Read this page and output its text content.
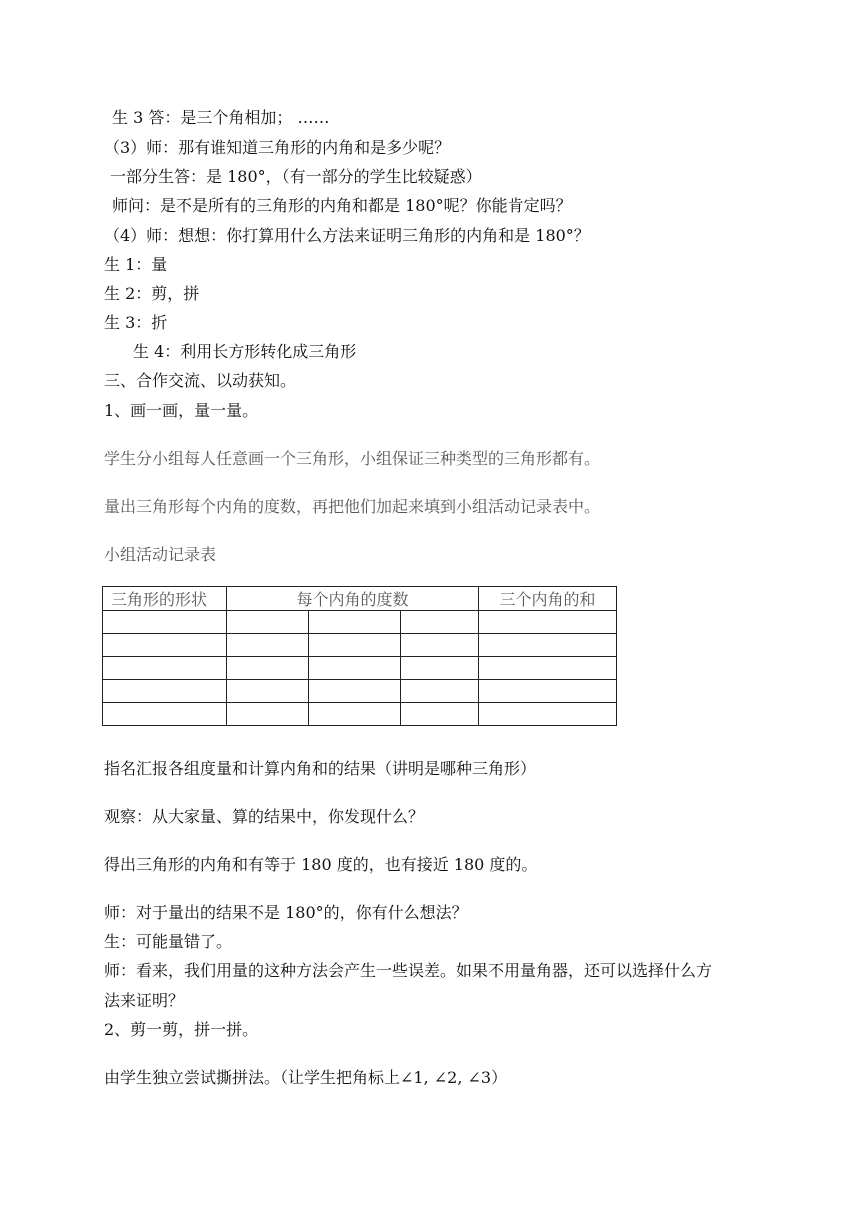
生 3 答：是三个角相加； ……
（3）师：那有谁知道三角形的内角和是多少呢？
一部分生答：是 180°，（有一部分的学生比较疑惑）
师问：是不是所有的三角形的内角和都是 180°呢？你能肯定吗？
（4）师：想想：你打算用什么方法来证明三角形的内角和是 180°？
生 1：量
生 2：剪，拼
生 3：折
生 4：利用长方形转化成三角形
三、合作交流、以动获知。
1、画一画，量一量。
学生分小组每人任意画一个三角形，小组保证三种类型的三角形都有。
量出三角形每个内角的度数，再把他们加起来填到小组活动记录表中。
小组活动记录表
三角形的形状	每个内角的度数			三个内角的和

指名汇报各组度量和计算内角和的结果（讲明是哪种三角形）
观察：从大家量、算的结果中，你发现什么？
得出三角形的内角和有等于 180 度的，也有接近 180 度的。
师：对于量出的结果不是 180°的，你有什么想法？
生：可能量错了。
师：看来，我们用量的这种方法会产生一些误差。如果不用量角器，还可以选择什么方
法来证明？
2、剪一剪，拼一拼。
由学生独立尝试撕拼法。（让学生把角标上∠1, ∠2, ∠3）
